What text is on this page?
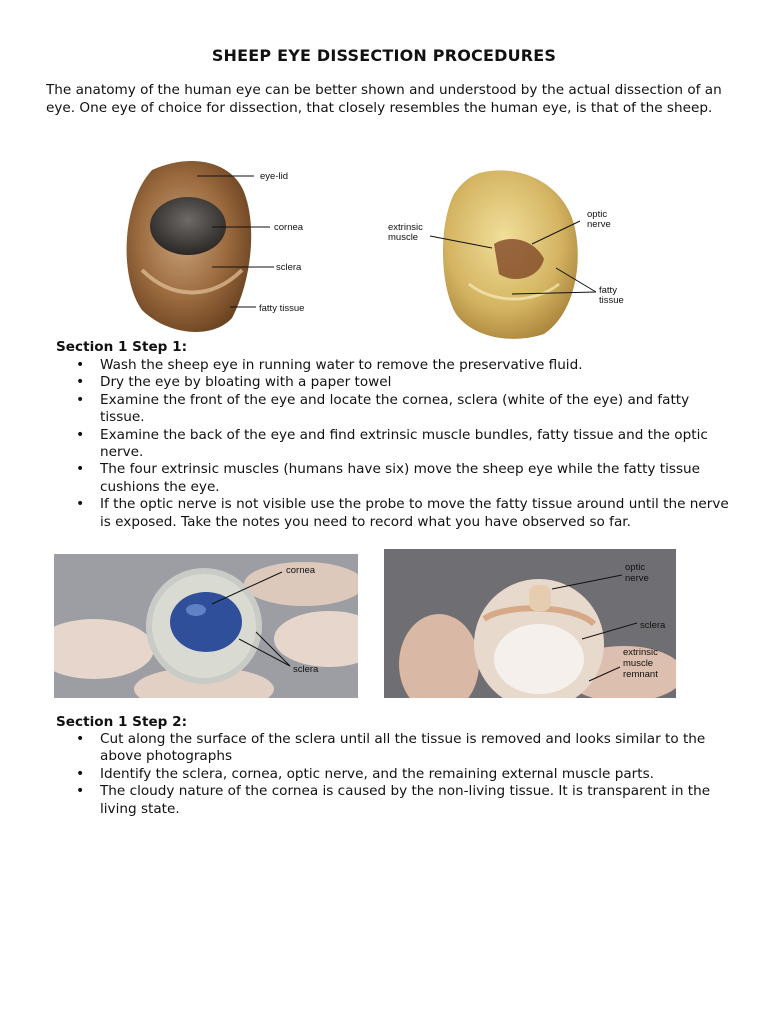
SHEEP EYE DISSECTION PROCEDURES
The anatomy of the human eye can be better shown and understood by the actual dissection of an eye. One eye of choice for dissection, that closely resembles the human eye, is that of the sheep.
eye-lid
cornea
sclera
fatty tissue
extrinsic
muscle
optic
nerve
fatty
tissue
Section 1 Step 1:
• Wash the sheep eye in running water to remove the preservative fluid.
• Dry the eye by bloating with a paper towel
• Examine the front of the eye and locate the cornea, sclera (white of the eye) and fatty tissue.
• Examine the back of the eye and find extrinsic muscle bundles, fatty tissue and the optic nerve.
• The four extrinsic muscles (humans have six) move the sheep eye while the fatty tissue cushions the eye.
• If the optic nerve is not visible use the probe to move the fatty tissue around until the nerve is exposed. Take the notes you need to record what you have observed so far.
cornea
sclera
optic
nerve
sclera
extrinsic
muscle
remnant
Section 1 Step 2:
• Cut along the surface of the sclera until all the tissue is removed and looks similar to the above photographs
• Identify the sclera, cornea, optic nerve, and the remaining external muscle parts.
• The cloudy nature of the cornea is caused by the non-living tissue. It is transparent in the living state.
